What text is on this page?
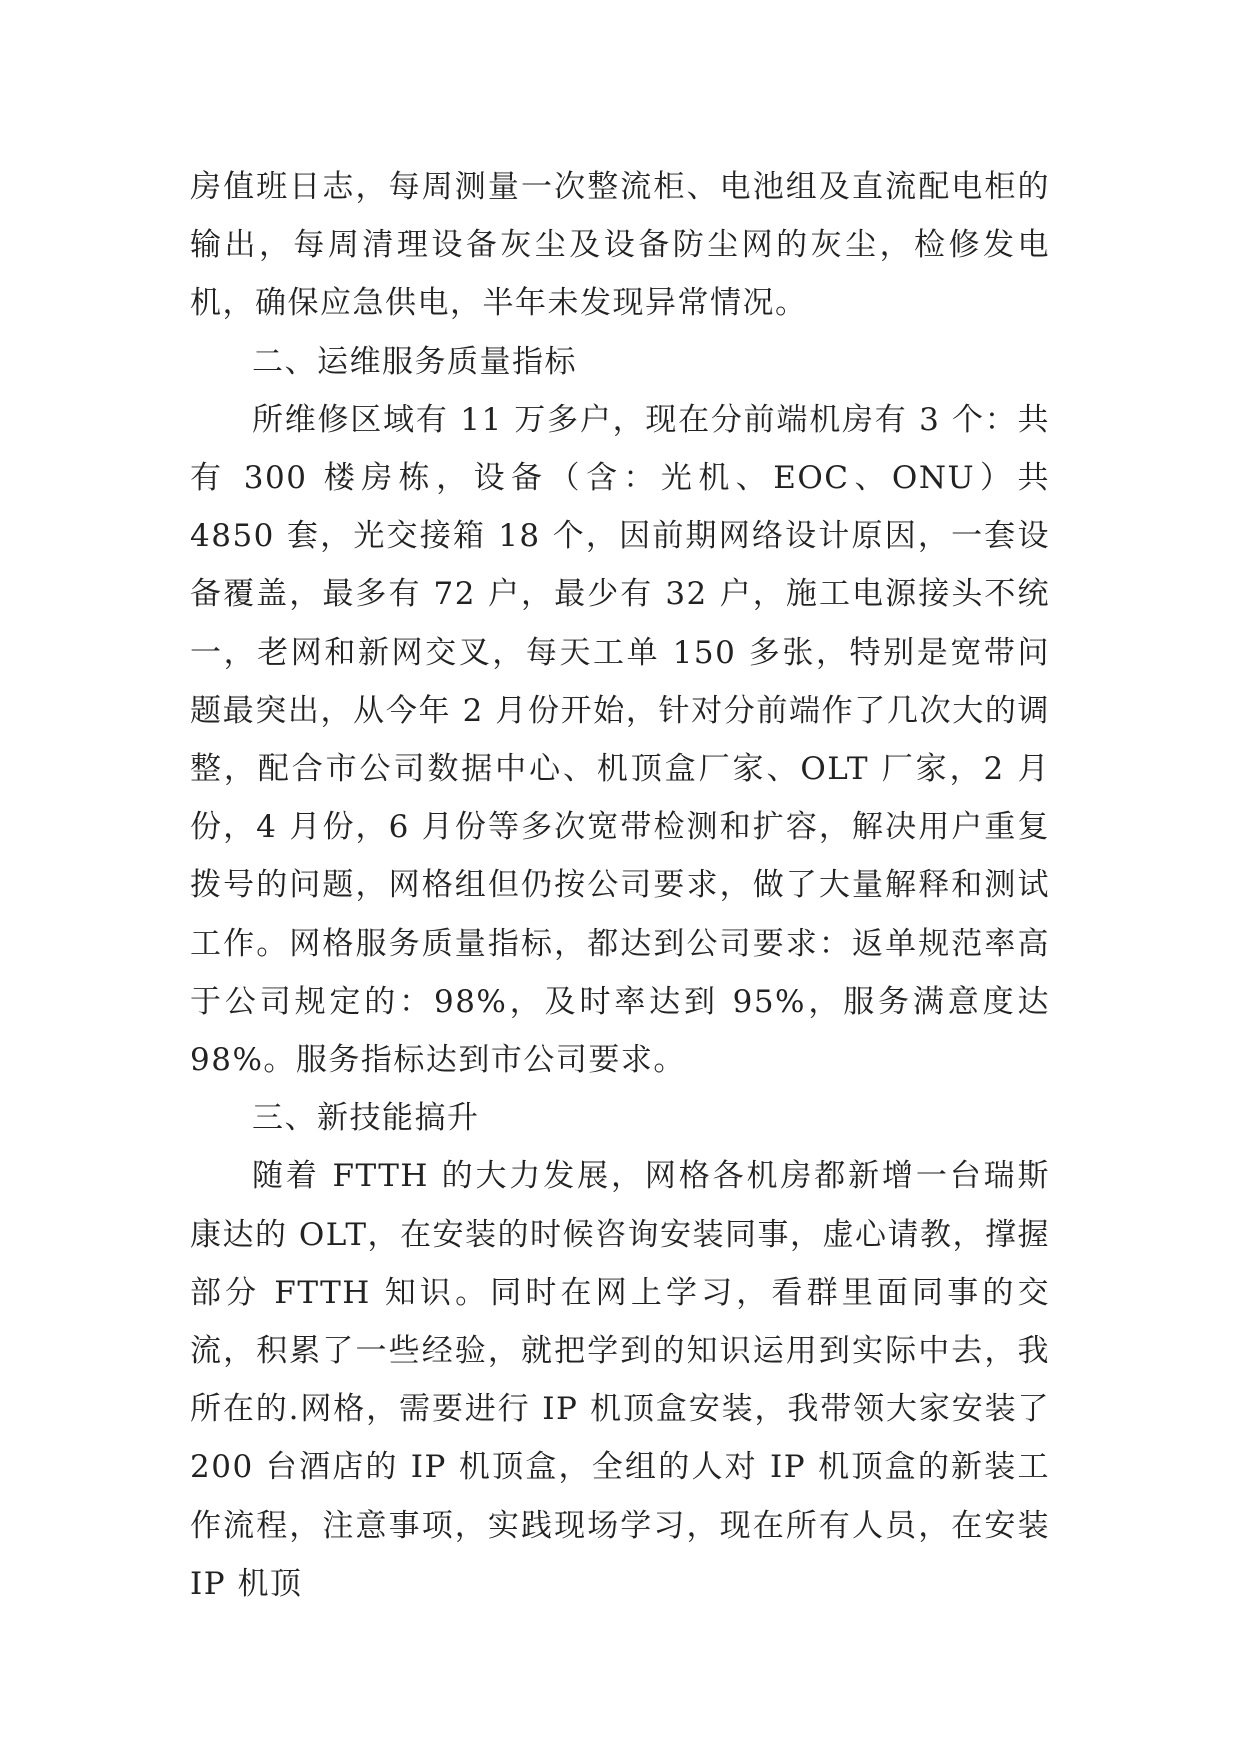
房值班日志，每周测量一次整流柜、电池组及直流配电柜的输出，每周清理设备灰尘及设备防尘网的灰尘，检修发电机，确保应急供电，半年未发现异常情况。

二、运维服务质量指标

所维修区域有 11 万多户，现在分前端机房有 3 个：共有 300 楼房栋，设备（含：光机、EOC、ONU）共 4850 套，光交接箱 18 个，因前期网络设计原因，一套设备覆盖，最多有 72 户，最少有 32 户，施工电源接头不统一，老网和新网交叉，每天工单 150 多张，特别是宽带问题最突出，从今年 2 月份开始，针对分前端作了几次大的调整，配合市公司数据中心、机顶盒厂家、OLT 厂家，2 月份，4 月份，6 月份等多次宽带检测和扩容，解决用户重复拨号的问题，网格组但仍按公司要求，做了大量解释和测试工作。网格服务质量指标，都达到公司要求：返单规范率高于公司规定的：98%，及时率达到 95%，服务满意度达 98%。服务指标达到市公司要求。

三、新技能搞升

随着 FTTH 的大力发展，网格各机房都新增一台瑞斯康达的 OLT，在安装的时候咨询安装同事，虚心请教，撑握部分 FTTH 知识。同时在网上学习，看群里面同事的交流，积累了一些经验，就把学到的知识运用到实际中去，我所在的.网格，需要进行 IP 机顶盒安装，我带领大家安装了 200 台酒店的 IP 机顶盒，全组的人对 IP 机顶盒的新装工作流程，注意事项，实践现场学习，现在所有人员，在安装 IP 机顶
